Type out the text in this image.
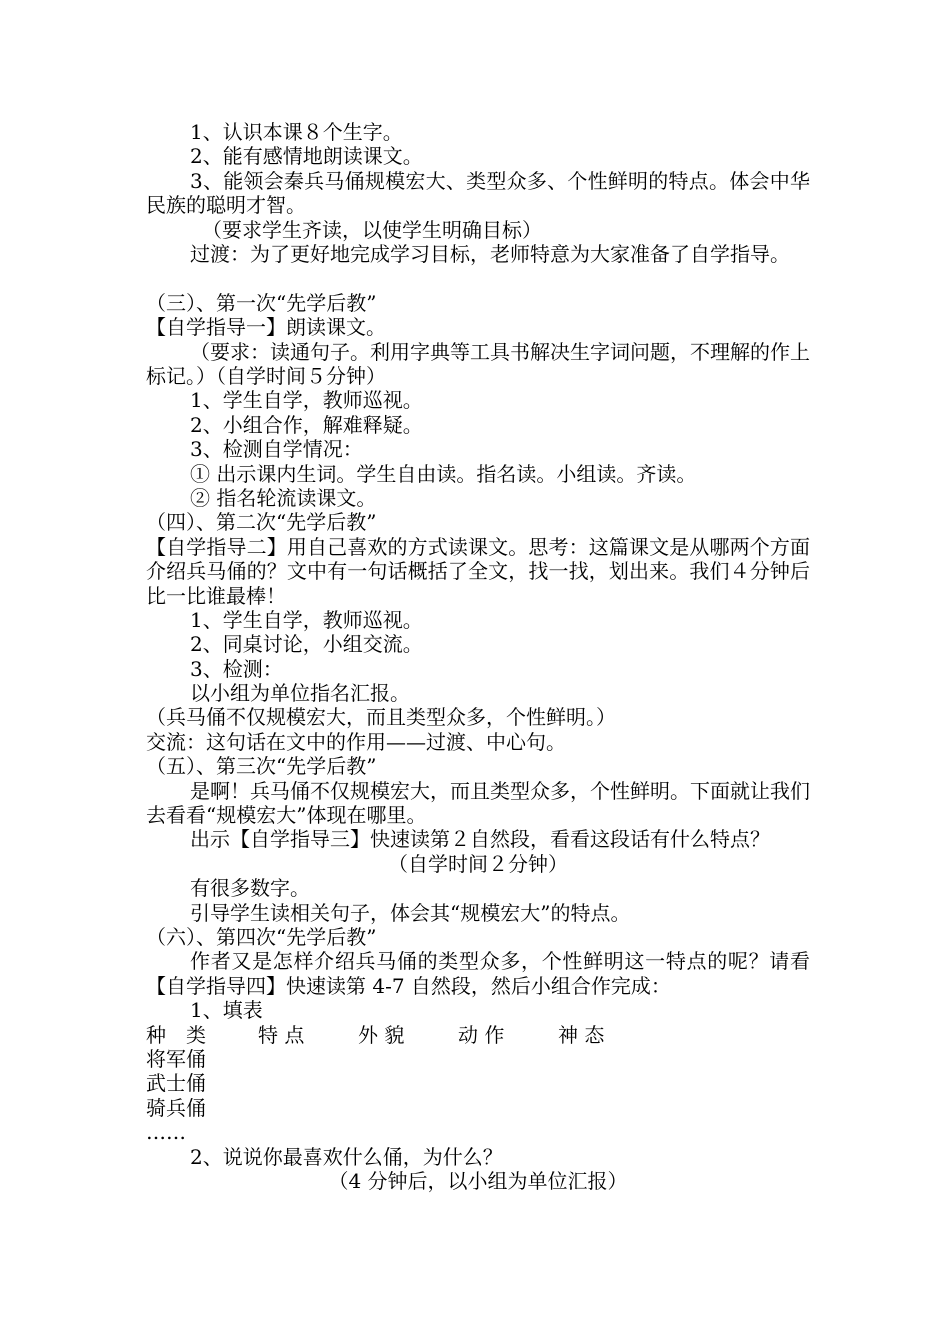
1、认识本课８个生字。
2、能有感情地朗读课文。
3、能领会秦兵马俑规模宏大、类型众多、个性鲜明的特点。体会中华民族的聪明才智。
（要求学生齐读，以使学生明确目标）
过渡：为了更好地完成学习目标，老师特意为大家准备了自学指导。
（三）、第一次“先学后教”
【自学指导一】朗读课文。
（要求：读通句子。利用字典等工具书解决生字词问题，不理解的作上标记。）（自学时间５分钟）
1、学生自学，教师巡视。
2、小组合作，解难释疑。
3、检测自学情况：
① 出示课内生词。学生自由读。指名读。小组读。齐读。
② 指名轮流读课文。
（四）、第二次“先学后教”
【自学指导二】用自己喜欢的方式读课文。思考：这篇课文是从哪两个方面介绍兵马俑的？文中有一句话概括了全文，找一找，划出来。我们４分钟后比一比谁最棒！
1、学生自学，教师巡视。
2、同桌讨论，小组交流。
3、检测：
以小组为单位指名汇报。
（兵马俑不仅规模宏大，而且类型众多，个性鲜明。）
交流：这句话在文中的作用——过渡、中心句。
（五）、第三次“先学后教”
是啊！兵马俑不仅规模宏大，而且类型众多，个性鲜明。下面就让我们去看看“规模宏大”体现在哪里。
出示【自学指导三】快速读第２自然段，看看这段话有什么特点？
（自学时间２分钟）
有很多数字。
引导学生读相关句子，体会其“规模宏大”的特点。
（六）、第四次“先学后教”
作者又是怎样介绍兵马俑的类型众多，个性鲜明这一特点的呢？请看【自学指导四】快速读第 4-7 自然段，然后小组合作完成：
1、填表
种　类	特 点	外 貌	动 作	神 态
将军俑
武士俑
骑兵俑
……
2、说说你最喜欢什么俑，为什么？
（4 分钟后，以小组为单位汇报）
